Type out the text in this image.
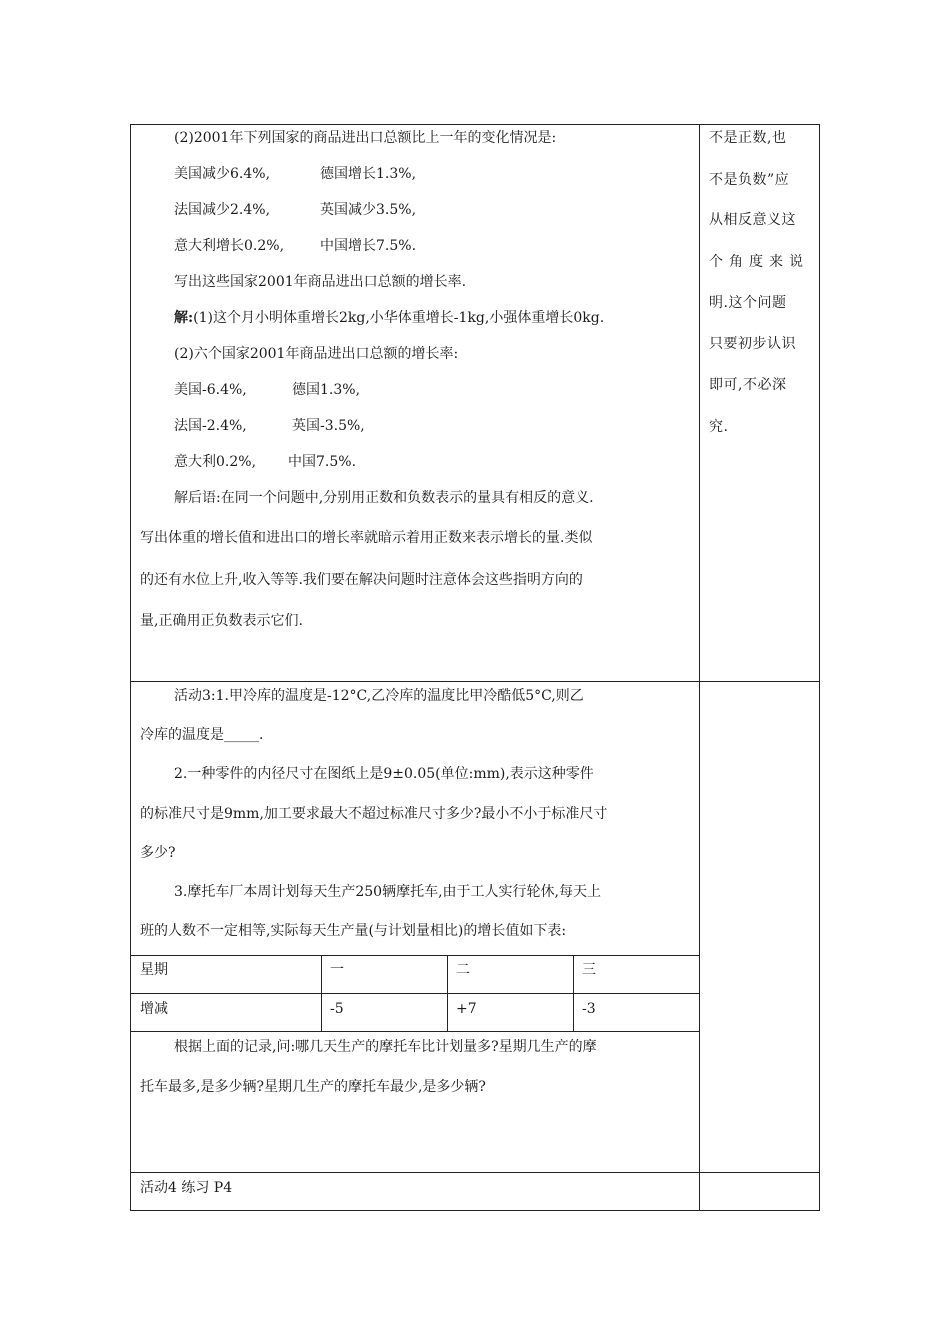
(2)2001年下列国家的商品进出口总额比上一年的变化情况是:
美国减少6.4%,	德国增长1.3%,
法国减少2.4%,	英国减少3.5%,
意大利增长0.2%,	中国增长7.5%.
写出这些国家2001年商品进出口总额的增长率.
解:(1)这个月小明体重增长2kg,小华体重增长-1kg,小强体重增长0kg.
(2)六个国家2001年商品进出口总额的增长率:
美国-6.4%,	德国1.3%,
法国-2.4%,	英国-3.5%,
意大利0.2%, 中国7.5%.
解后语:在同一个问题中,分别用正数和负数表示的量具有相反的意义.
写出体重的增长值和进出口的增长率就暗示着用正数来表示增长的量.类似
的还有水位上升,收入等等.我们要在解决问题时注意体会这些指明方向的
量,正确用正负数表示它们.
不是正数,也
不是负数”应
从相反意义这
个角度来说
明.这个问题
只要初步认识
即可,不必深
究.
活动3:1.甲冷库的温度是-12°C,乙冷库的温度比甲冷酷低5°C,则乙
冷库的温度是_____.
2.一种零件的内径尺寸在图纸上是9±0.05(单位:mm),表示这种零件
的标准尺寸是9mm,加工要求最大不超过标准尺寸多少?最小不小于标准尺寸
多少?
3.摩托车厂本周计划每天生产250辆摩托车,由于工人实行轮休,每天上
班的人数不一定相等,实际每天生产量(与计划量相比)的增长值如下表:
星期	一	二	三
增减	-5	+7	-3
根据上面的记录,问:哪几天生产的摩托车比计划量多?星期几生产的摩
托车最多,是多少辆?星期几生产的摩托车最少,是多少辆?
活动4 练习 P4
